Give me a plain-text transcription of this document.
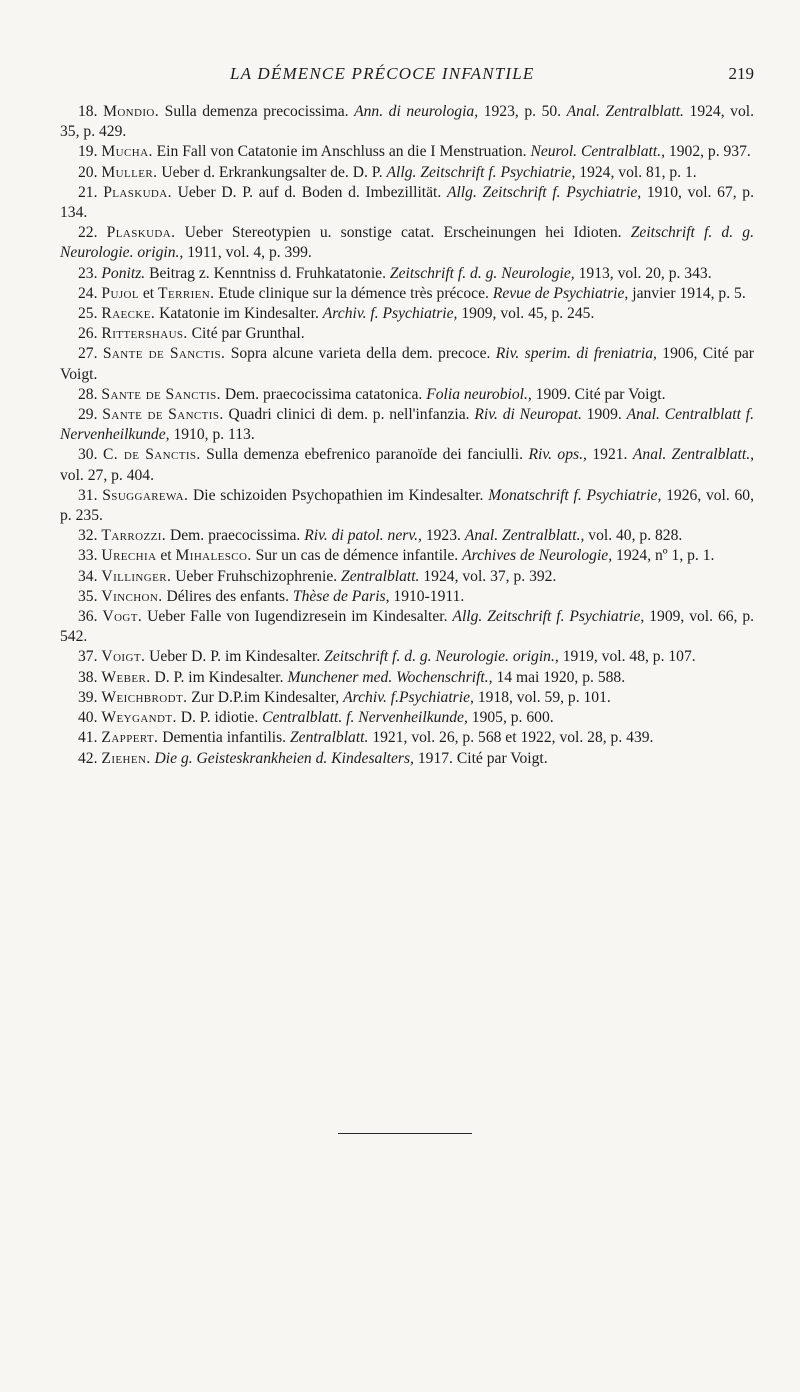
LA DÉMENCE PRÉCOCE INFANTILE	219

18. Mondio. Sulla demenza precocissima. Ann. di neurologia, 1923, p. 50. Anal. Zentralblatt. 1924, vol. 35, p. 429.

19. Mucha. Ein Fall von Catatonie im Anschluss an die I Menstruation. Neurol. Centralblatt., 1902, p. 937.

20. Muller. Ueber d. Erkrankungsalter de. D. P. Allg. Zeitschrift f. Psychiatrie, 1924, vol. 81, p. 1.

21. Plaskuda. Ueber D. P. auf d. Boden d. Imbezillität. Allg. Zeitschrift f. Psychiatrie, 1910, vol. 67, p. 134.

22. Plaskuda. Ueber Stereotypien u. sonstige catat. Erscheinungen hei Idioten. Zeitschrift f. d. g. Neurologie. origin., 1911, vol. 4, p. 399.

23. Ponitz. Beitrag z. Kenntniss d. Fruhkatatonie. Zeitschrift f. d. g. Neurologie, 1913, vol. 20, p. 343.

24. Pujol et Terrien. Etude clinique sur la démence très précoce. Revue de Psychiatrie, janvier 1914, p. 5.

25. Raecke. Katatonie im Kindesalter. Archiv. f. Psychiatrie, 1909, vol. 45, p. 245.

26. Rittershaus. Cité par Grunthal.

27. Sante de Sanctis. Sopra alcune varieta della dem. precoce. Riv. sperim. di freniatria, 1906, Cité par Voigt.

28. Sante de Sanctis. Dem. praecocissima catatonica. Folia neurobiol., 1909. Cité par Voigt.

29. Sante de Sanctis. Quadri clinici di dem. p. nell'infanzia. Riv. di Neuropat. 1909. Anal. Centralblatt f. Nervenheilkunde, 1910, p. 113.

30. C. de Sanctis. Sulla demenza ebefrenico paranoïde dei fanciulli. Riv. ops., 1921. Anal. Zentralblatt., vol. 27, p. 404.

31. Ssuggarewa. Die schizoiden Psychopathien im Kindesalter. Monatschrift f. Psychiatrie, 1926, vol. 60, p. 235.

32. Tarrozzi. Dem. praecocissima. Riv. di patol. nerv., 1923. Anal. Zentralblatt., vol. 40, p. 828.

33. Urechia et Mihalesco. Sur un cas de démence infantile. Archives de Neurologie, 1924, nº 1, p. 1.

34. Villinger. Ueber Fruhschizophrenie. Zentralblatt. 1924, vol. 37, p. 392.

35. Vinchon. Délires des enfants. Thèse de Paris, 1910-1911.

36. Vogt. Ueber Falle von Iugendizresein im Kindesalter. Allg. Zeitschrift f. Psychiatrie, 1909, vol. 66, p. 542.

37. Voigt. Ueber D. P. im Kindesalter. Zeitschrift f. d. g. Neurologie. origin., 1919, vol. 48, p. 107.

38. Weber. D. P. im Kindesalter. Munchener med. Wochenschrift., 14 mai 1920, p. 588.

39. Weichbrodt. Zur D.P.im Kindesalter, Archiv. f.Psychiatrie, 1918, vol. 59, p. 101.

40. Weygandt. D. P. idiotie. Centralblatt. f. Nervenheilkunde, 1905, p. 600.

41. Zappert. Dementia infantilis. Zentralblatt. 1921, vol. 26, p. 568 et 1922, vol. 28, p. 439.

42. Ziehen. Die g. Geisteskrankheien d. Kindesalters, 1917. Cité par Voigt.
